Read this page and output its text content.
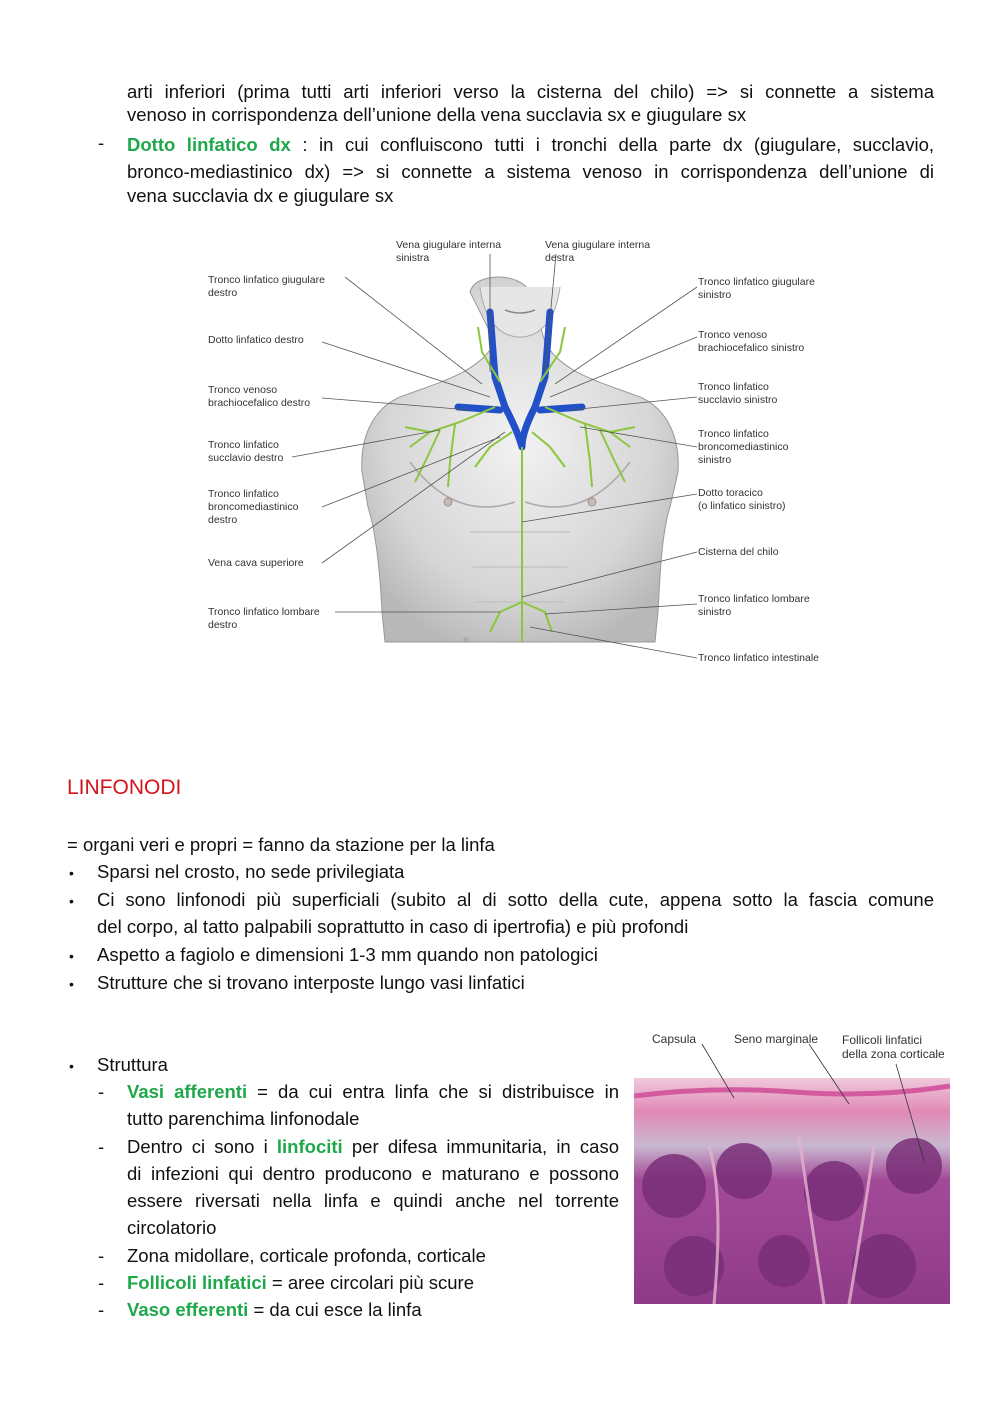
arti inferiori (prima tutti arti inferiori verso la cisterna del chilo) => si connette a sistema
venoso in corrispondenza dell’unione della vena succlavia sx e giugulare sx
- Dotto linfatico dx : in cui confluiscono tutti i tronchi della parte dx (giugulare, succlavio,
bronco-mediastinico dx) => si connette a sistema venoso in corrispondenza dell’unione di
vena succlavia dx e giugulare sx
Vena giugulare interna
sinistra
Vena giugulare interna
destra
Tronco linfatico giugulare
destro
Dotto linfatico destro
Tronco venoso
brachiocefalico destro
Tronco linfatico
succlavio destro
Tronco linfatico
broncomediastinico
destro
Vena cava superiore
Tronco linfatico lombare
destro
Tronco linfatico giugulare
sinistro
Tronco venoso
brachiocefalico sinistro
Tronco linfatico
succlavio sinistro
Tronco linfatico
broncomediastinico
sinistro
Dotto toracico
(o linfatico sinistro)
Cisterna del chilo
Tronco linfatico lombare
sinistro
Tronco linfatico intestinale
LINFONODI
= organi veri e propri = fanno da stazione per la linfa
• Sparsi nel crosto, no sede privilegiata
• Ci sono linfonodi più superficiali (subito al di sotto della cute, appena sotto la fascia comune
del corpo, al tatto palpabili soprattutto in caso di ipertrofia) e più profondi
• Aspetto a fagiolo e dimensioni 1-3 mm quando non patologici
• Strutture che si trovano interposte lungo vasi linfatici
• Struttura
- Vasi afferenti = da cui entra linfa che si distribuisce in
tutto parenchima linfonodale
- Dentro ci sono i linfociti per difesa immunitaria, in caso
di infezioni qui dentro producono e maturano e possono
essere riversati nella linfa e quindi anche nel torrente
circolatorio
- Zona midollare, corticale profonda, corticale
- Follicoli linfatici = aree circolari più scure
- Vaso efferenti = da cui esce la linfa
Capsula	Seno marginale Follicoli linfatici
della zona corticale
